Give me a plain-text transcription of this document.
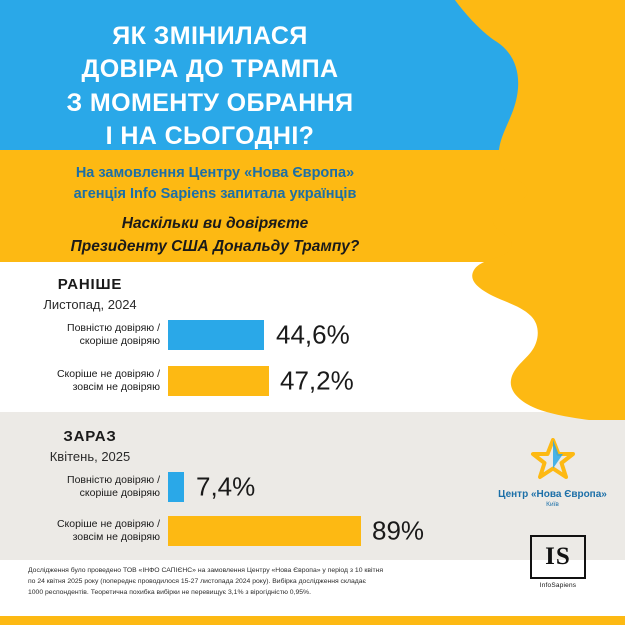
ЯК ЗМІНИЛАСЯ
ДОВІРА ДО ТРАМПА
З МОМЕНТУ ОБРАННЯ
І НА СЬОГОДНІ?
На замовлення Центру «Нова Європа»
агенція Info Sapiens запитала українців
Наскільки ви довіряєте
Президенту США Дональду Трампу?
РАНІШЕ
Листопад, 2024
Повністю довіряю /
скоріше довіряю	44,6%
Скоріше не довіряю /
зовсім не довіряю	47,2%
ЗАРАЗ
Квітень, 2025
Повністю довіряю /
скоріше довіряю 7,4%
Скоріше не довіряю /
зовсім не довіряю	89%
Центр «Нова Європа»
Київ
IS
InfoSapiens
Дослідження було проведено ТОВ «ІНФО САПІЄНС» на замовлення Центру «Нова Європа» у період з 10 квітня
по 24 квітня 2025 року (попереднє проводилося 15-27 листопада 2024 року). Вибірка дослідження складає
1000 респондентів. Теоретична похибка вибірки не перевищує 3,1% з вірогідністю 0,95%.
